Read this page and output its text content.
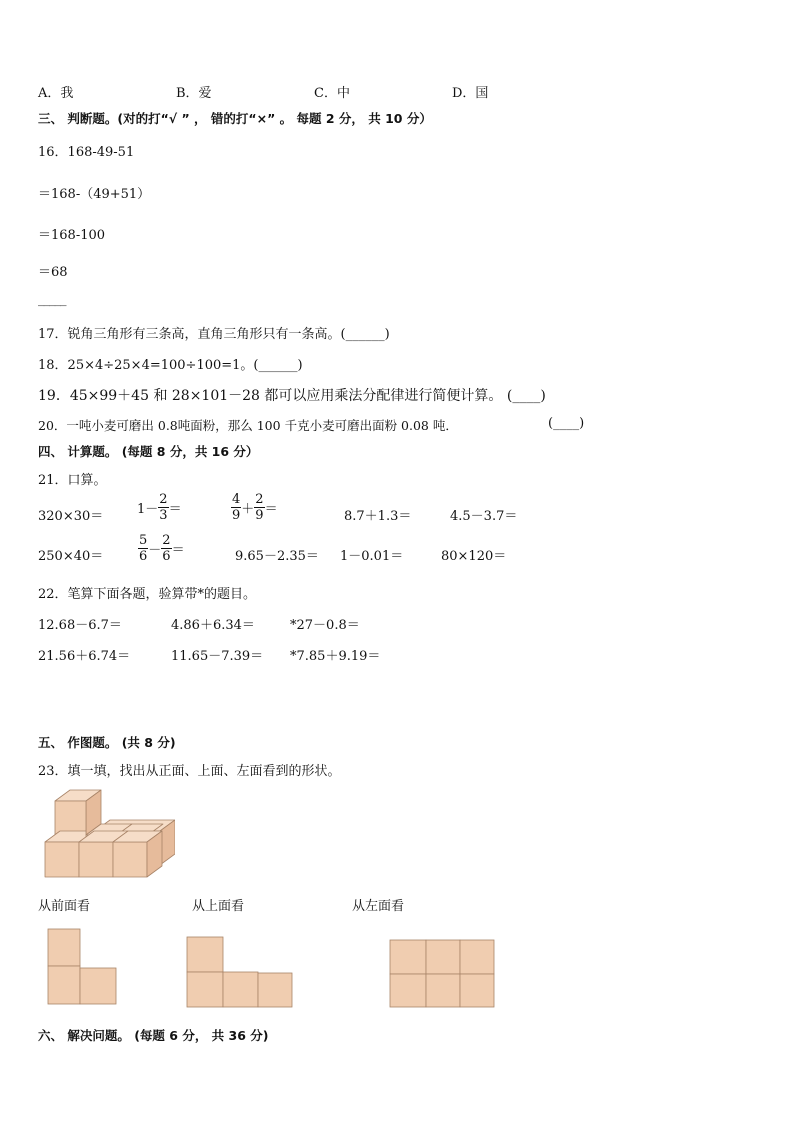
A．我	B．爱	C．中	D．国
三、 判断题。(对的打“√ ” ， 错的打“×” 。 每题 2 分， 共 10 分）
16．168-49-51
＝168-（49+51）
＝168-100
＝68
_____
17．锐角三角形有三条高，直角三角形只有一条高。(______)
18．25×4÷25×4=100÷100=1。(______)
19．45×99＋45 和 28×101－28 都可以应用乘法分配律进行简便计算。 (____)
20．一吨小麦可磨出 0.8吨面粉，那么 100 千克小麦可磨出面粉 0.08 吨．	(____)
四、 计算题。 (每题 8 分，共 16 分）
21．口算。
320×30＝	$1- \frac{2}{3}$ ＝	$\frac{4}{9} + \frac{2}{9}$ ＝	8.7＋1.3＝	4.5－3.7＝
250×40＝	$\frac{5}{6} - \frac{2}{6}$ ＝	9.65－2.35＝ 1－0.01＝	80×120＝
22．笔算下面各题，验算带*的题目。
12.68－6.7＝	4.86＋6.34＝	*27－0.8＝
21.56＋6.74＝	11.65－7.39＝ *7.85＋9.19＝
五、 作图题。 (共 8 分)
23．填一填，找出从正面、上面、左面看到的形状。
从前面看	从上面看	从左面看
六、 解决问题。 (每题 6 分， 共 36 分)
